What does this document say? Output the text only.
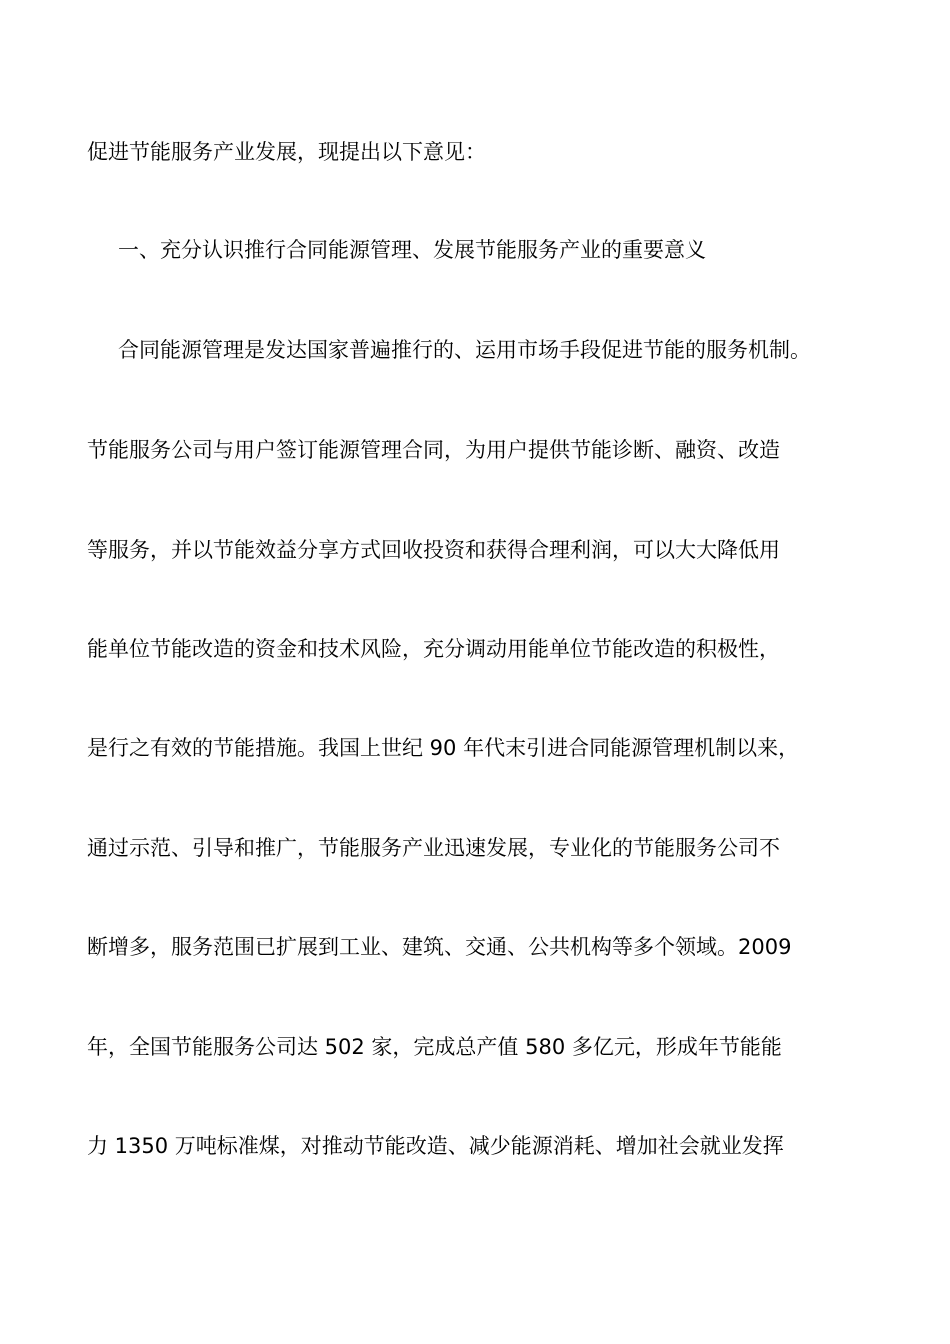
促进节能服务产业发展，现提出以下意见：

一、充分认识推行合同能源管理、发展节能服务产业的重要意义

合同能源管理是发达国家普遍推行的、运用市场手段促进节能的服务机制。

节能服务公司与用户签订能源管理合同，为用户提供节能诊断、融资、改造

等服务，并以节能效益分享方式回收投资和获得合理利润，可以大大降低用

能单位节能改造的资金和技术风险，充分调动用能单位节能改造的积极性，

是行之有效的节能措施。我国上世纪 90 年代末引进合同能源管理机制以来，

通过示范、引导和推广，节能服务产业迅速发展，专业化的节能服务公司不

断增多，服务范围已扩展到工业、建筑、交通、公共机构等多个领域。2009

年，全国节能服务公司达 502 家，完成总产值 580 多亿元，形成年节能能

力 1350 万吨标准煤，对推动节能改造、减少能源消耗、增加社会就业发挥
